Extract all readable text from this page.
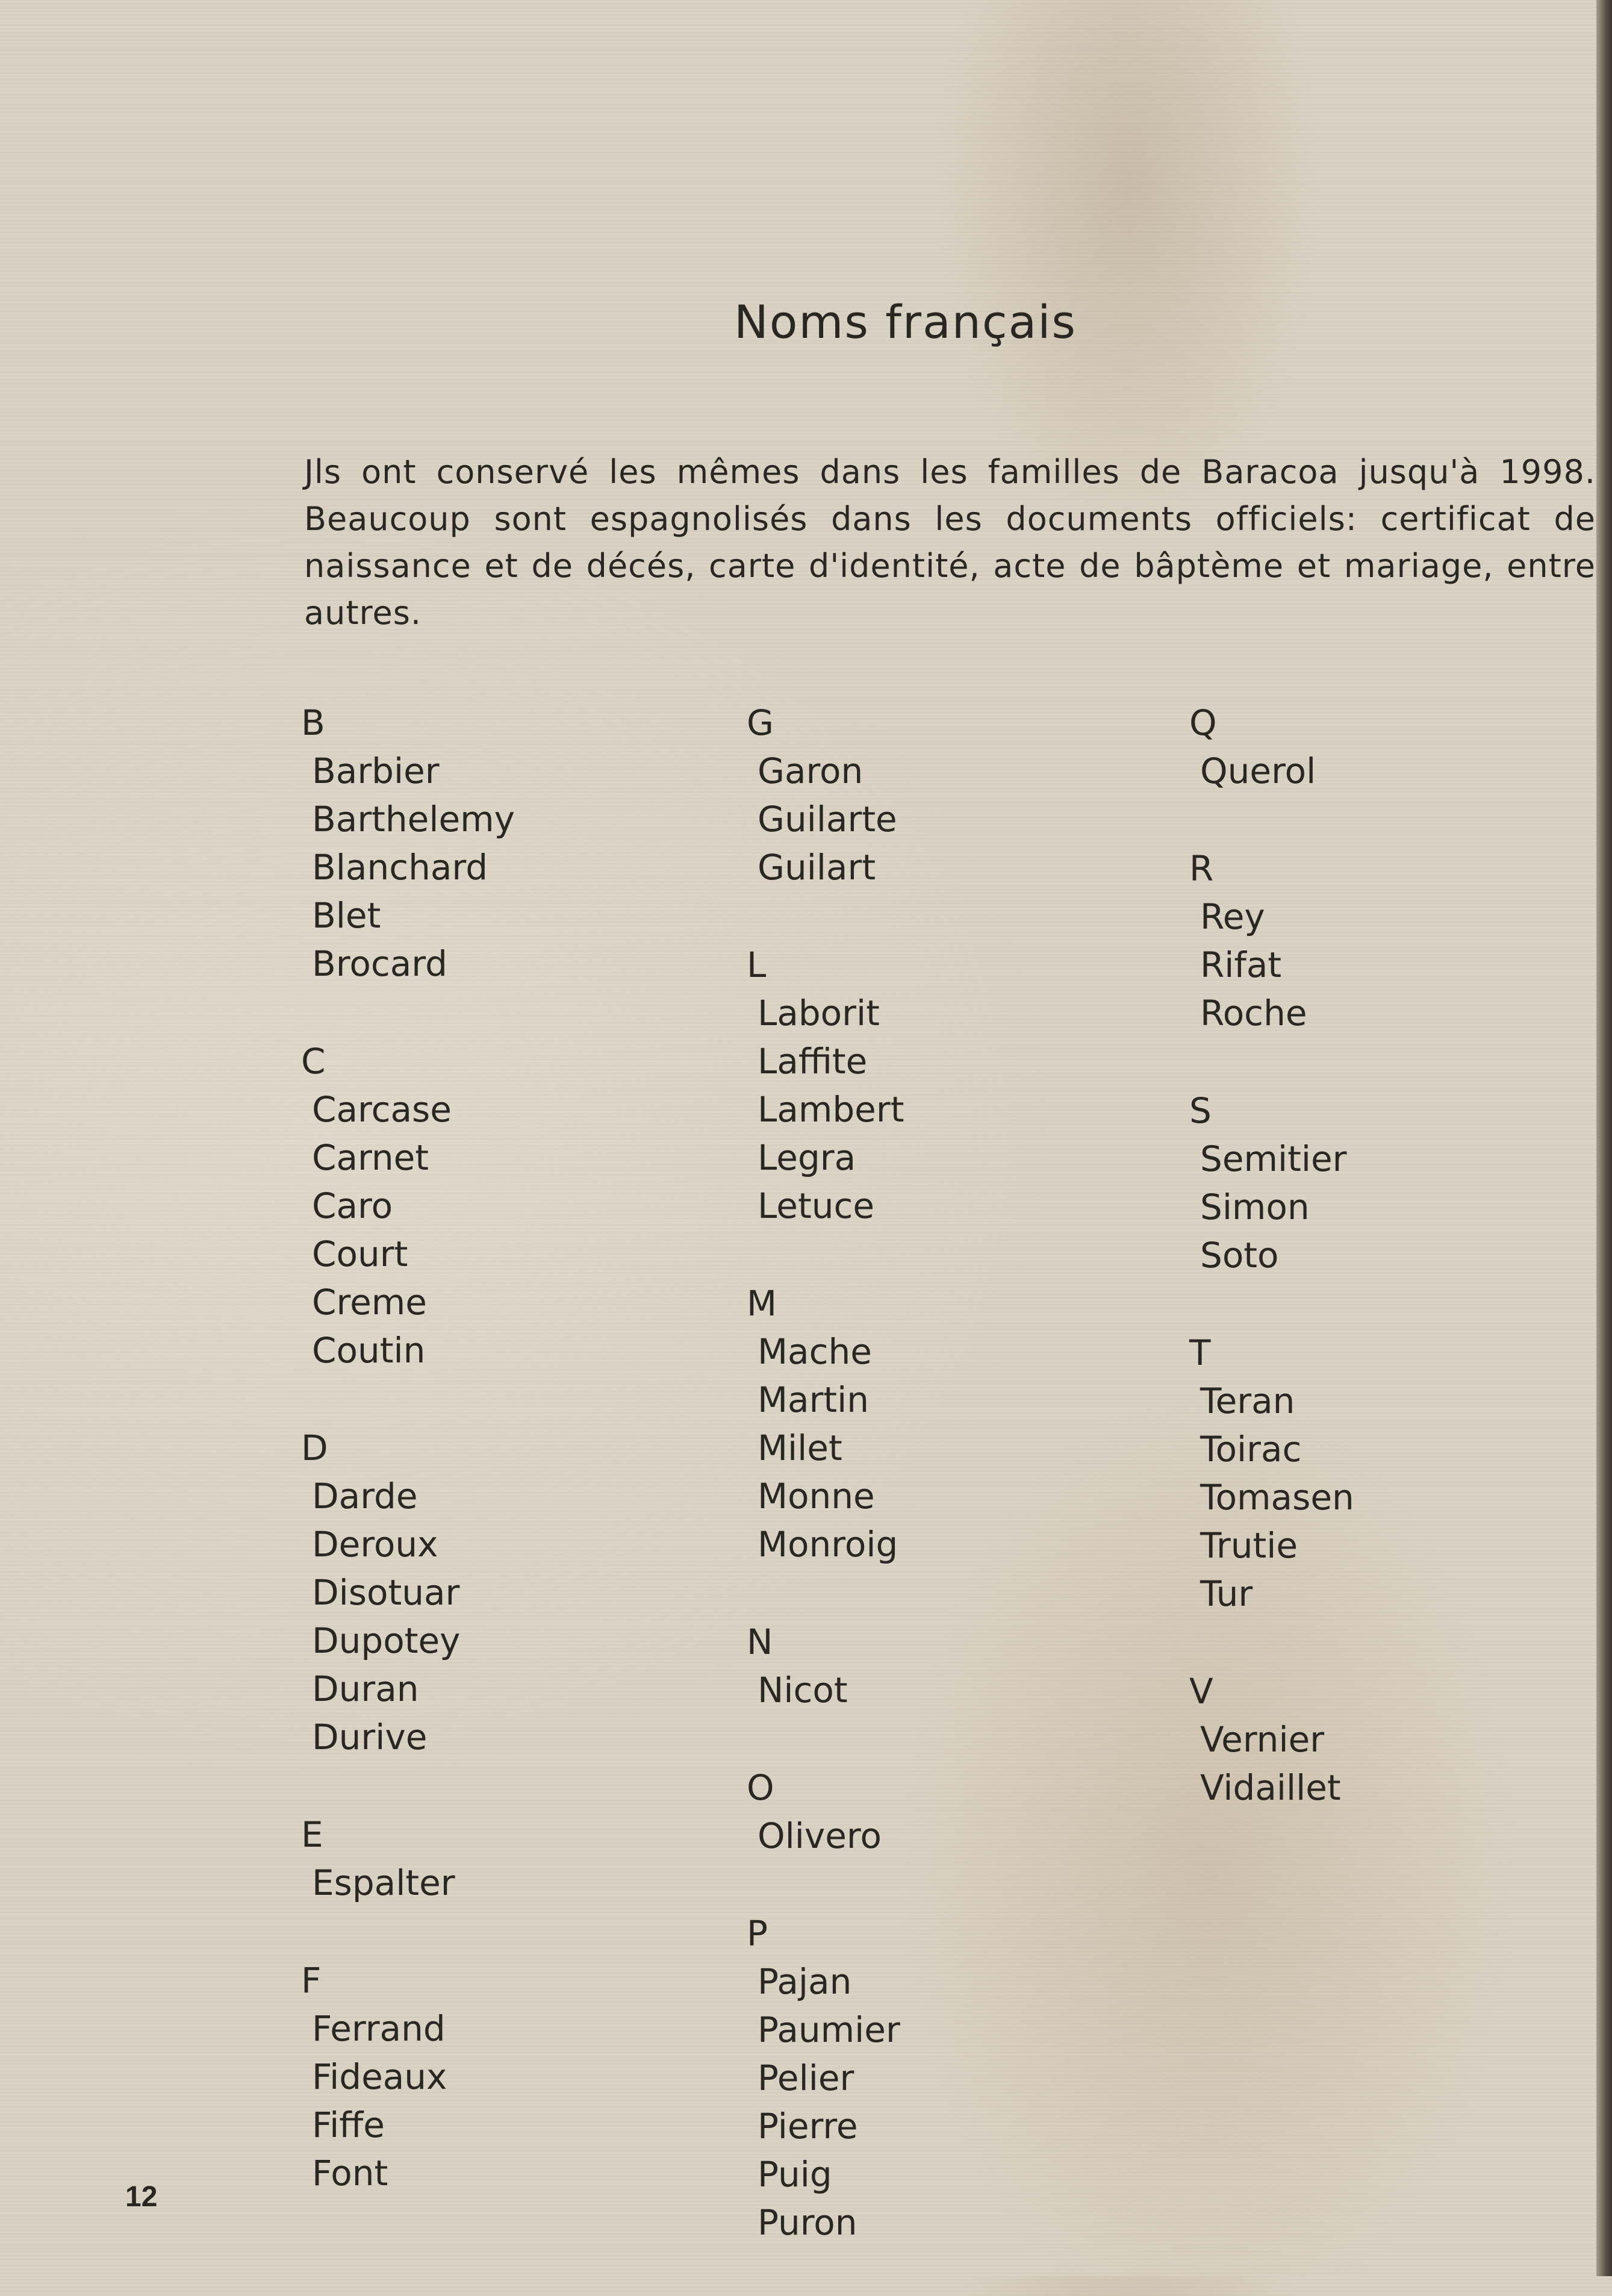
Noms français
Jls ont conservé les mêmes dans les familles de Baracoa jusqu'à 1998. Beaucoup sont espagnolisés dans les documents officiels: certificat de naissance et de décés, carte d'identité, acte de bâptème et mariage, entre autres.
B
Barbier
Barthelemy
Blanchard
Blet
Brocard
C
Carcase
Carnet
Caro
Court
Creme
Coutin
D
Darde
Deroux
Disotuar
Dupotey
Duran
Durive
E
Espalter
F
Ferrand
Fideaux
Fiffe
Font
G
Garon
Guilarte
Guilart
L
Laborit
Laffite
Lambert
Legra
Letuce
M
Mache
Martin
Milet
Monne
Monroig
N
Nicot
O
Olivero
P
Pajan
Paumier
Pelier
Pierre
Puig
Puron
Q
Querol
R
Rey
Rifat
Roche
S
Semitier
Simon
Soto
T
Teran
Toirac
Tomasen
Trutie
Tur
V
Vernier
Vidaillet
12
